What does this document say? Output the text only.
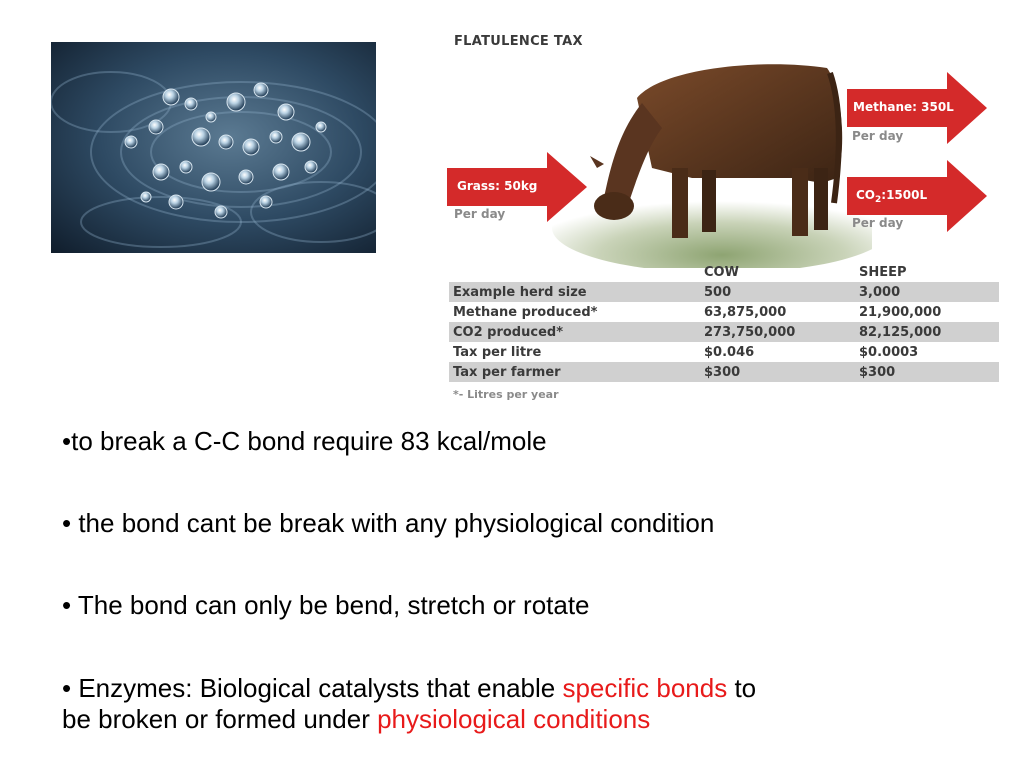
FLATULENCE TAX
Grass: 50kg
Per day
Methane: 350L
Per day
$CO_2:1500L$
Per day
	COW	SHEEP
Example herd size	500	3,000
Methane produced*	63,875,000	21,900,000
CO2 produced*	273,750,000	82,125,000
Tax per litre	$0.046	$0.0003
Tax per farmer	$300	$300
*- Litres per year

•to break a C-C bond require 83 kcal/mole

• the bond cant be break with any physiological condition

• The bond can only be bend, stretch or rotate

• Enzymes: Biological catalysts that enable specific bonds to

be broken or formed under physiological conditions
